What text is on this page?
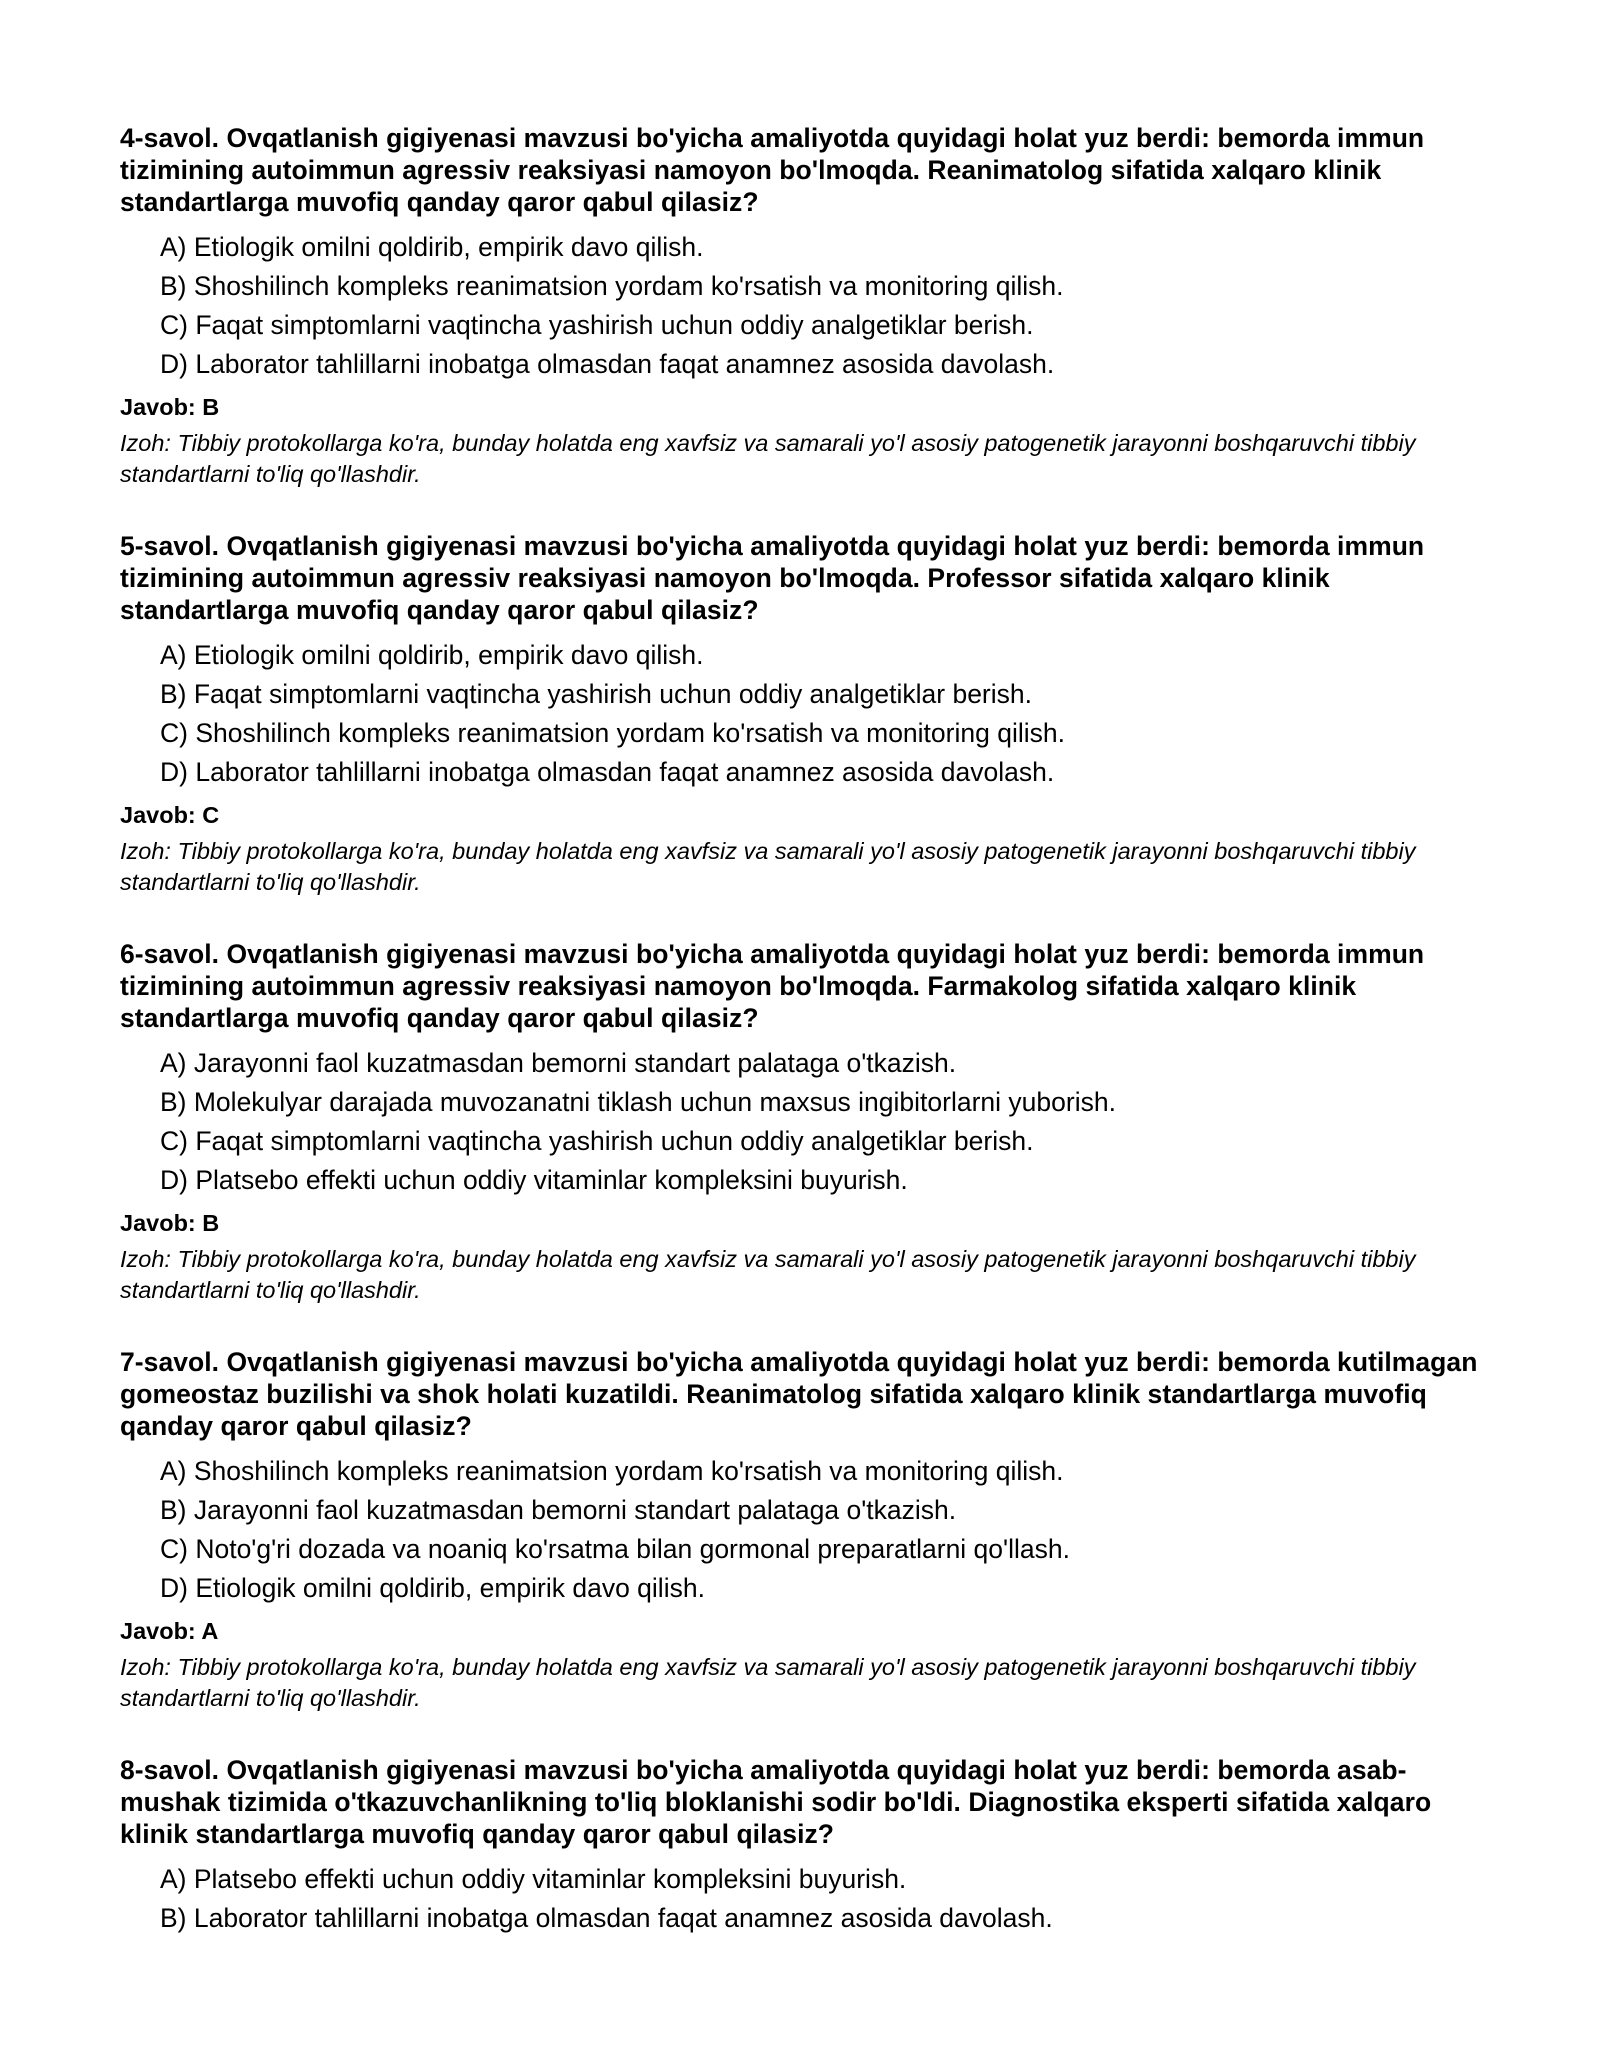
4-savol. Ovqatlanish gigiyenasi mavzusi bo'yicha amaliyotda quyidagi holat yuz berdi: bemorda immun tizimining autoimmun agressiv reaksiyasi namoyon bo'lmoqda. Reanimatolog sifatida xalqaro klinik standartlarga muvofiq qanday qaror qabul qilasiz?
A) Etiologik omilni qoldirib, empirik davo qilish.
B) Shoshilinch kompleks reanimatsion yordam ko'rsatish va monitoring qilish.
C) Faqat simptomlarni vaqtincha yashirish uchun oddiy analgetiklar berish.
D) Laborator tahlillarni inobatga olmasdan faqat anamnez asosida davolash.
Javob: B
Izoh: Tibbiy protokollarga ko'ra, bunday holatda eng xavfsiz va samarali yo'l asosiy patogenetik jarayonni boshqaruvchi tibbiy standartlarni to'liq qo'llashdir.
5-savol. Ovqatlanish gigiyenasi mavzusi bo'yicha amaliyotda quyidagi holat yuz berdi: bemorda immun tizimining autoimmun agressiv reaksiyasi namoyon bo'lmoqda. Professor sifatida xalqaro klinik standartlarga muvofiq qanday qaror qabul qilasiz?
A) Etiologik omilni qoldirib, empirik davo qilish.
B) Faqat simptomlarni vaqtincha yashirish uchun oddiy analgetiklar berish.
C) Shoshilinch kompleks reanimatsion yordam ko'rsatish va monitoring qilish.
D) Laborator tahlillarni inobatga olmasdan faqat anamnez asosida davolash.
Javob: C
Izoh: Tibbiy protokollarga ko'ra, bunday holatda eng xavfsiz va samarali yo'l asosiy patogenetik jarayonni boshqaruvchi tibbiy standartlarni to'liq qo'llashdir.
6-savol. Ovqatlanish gigiyenasi mavzusi bo'yicha amaliyotda quyidagi holat yuz berdi: bemorda immun tizimining autoimmun agressiv reaksiyasi namoyon bo'lmoqda. Farmakolog sifatida xalqaro klinik standartlarga muvofiq qanday qaror qabul qilasiz?
A) Jarayonni faol kuzatmasdan bemorni standart palataga o'tkazish.
B) Molekulyar darajada muvozanatni tiklash uchun maxsus ingibitorlarni yuborish.
C) Faqat simptomlarni vaqtincha yashirish uchun oddiy analgetiklar berish.
D) Platsebo effekti uchun oddiy vitaminlar kompleksini buyurish.
Javob: B
Izoh: Tibbiy protokollarga ko'ra, bunday holatda eng xavfsiz va samarali yo'l asosiy patogenetik jarayonni boshqaruvchi tibbiy standartlarni to'liq qo'llashdir.
7-savol. Ovqatlanish gigiyenasi mavzusi bo'yicha amaliyotda quyidagi holat yuz berdi: bemorda kutilmagan gomeostaz buzilishi va shok holati kuzatildi. Reanimatolog sifatida xalqaro klinik standartlarga muvofiq qanday qaror qabul qilasiz?
A) Shoshilinch kompleks reanimatsion yordam ko'rsatish va monitoring qilish.
B) Jarayonni faol kuzatmasdan bemorni standart palataga o'tkazish.
C) Noto'g'ri dozada va noaniq ko'rsatma bilan gormonal preparatlarni qo'llash.
D) Etiologik omilni qoldirib, empirik davo qilish.
Javob: A
Izoh: Tibbiy protokollarga ko'ra, bunday holatda eng xavfsiz va samarali yo'l asosiy patogenetik jarayonni boshqaruvchi tibbiy standartlarni to'liq qo'llashdir.
8-savol. Ovqatlanish gigiyenasi mavzusi bo'yicha amaliyotda quyidagi holat yuz berdi: bemorda asab-mushak tizimida o'tkazuvchanlikning to'liq bloklanishi sodir bo'ldi. Diagnostika eksperti sifatida xalqaro klinik standartlarga muvofiq qanday qaror qabul qilasiz?
A) Platsebo effekti uchun oddiy vitaminlar kompleksini buyurish.
B) Laborator tahlillarni inobatga olmasdan faqat anamnez asosida davolash.
